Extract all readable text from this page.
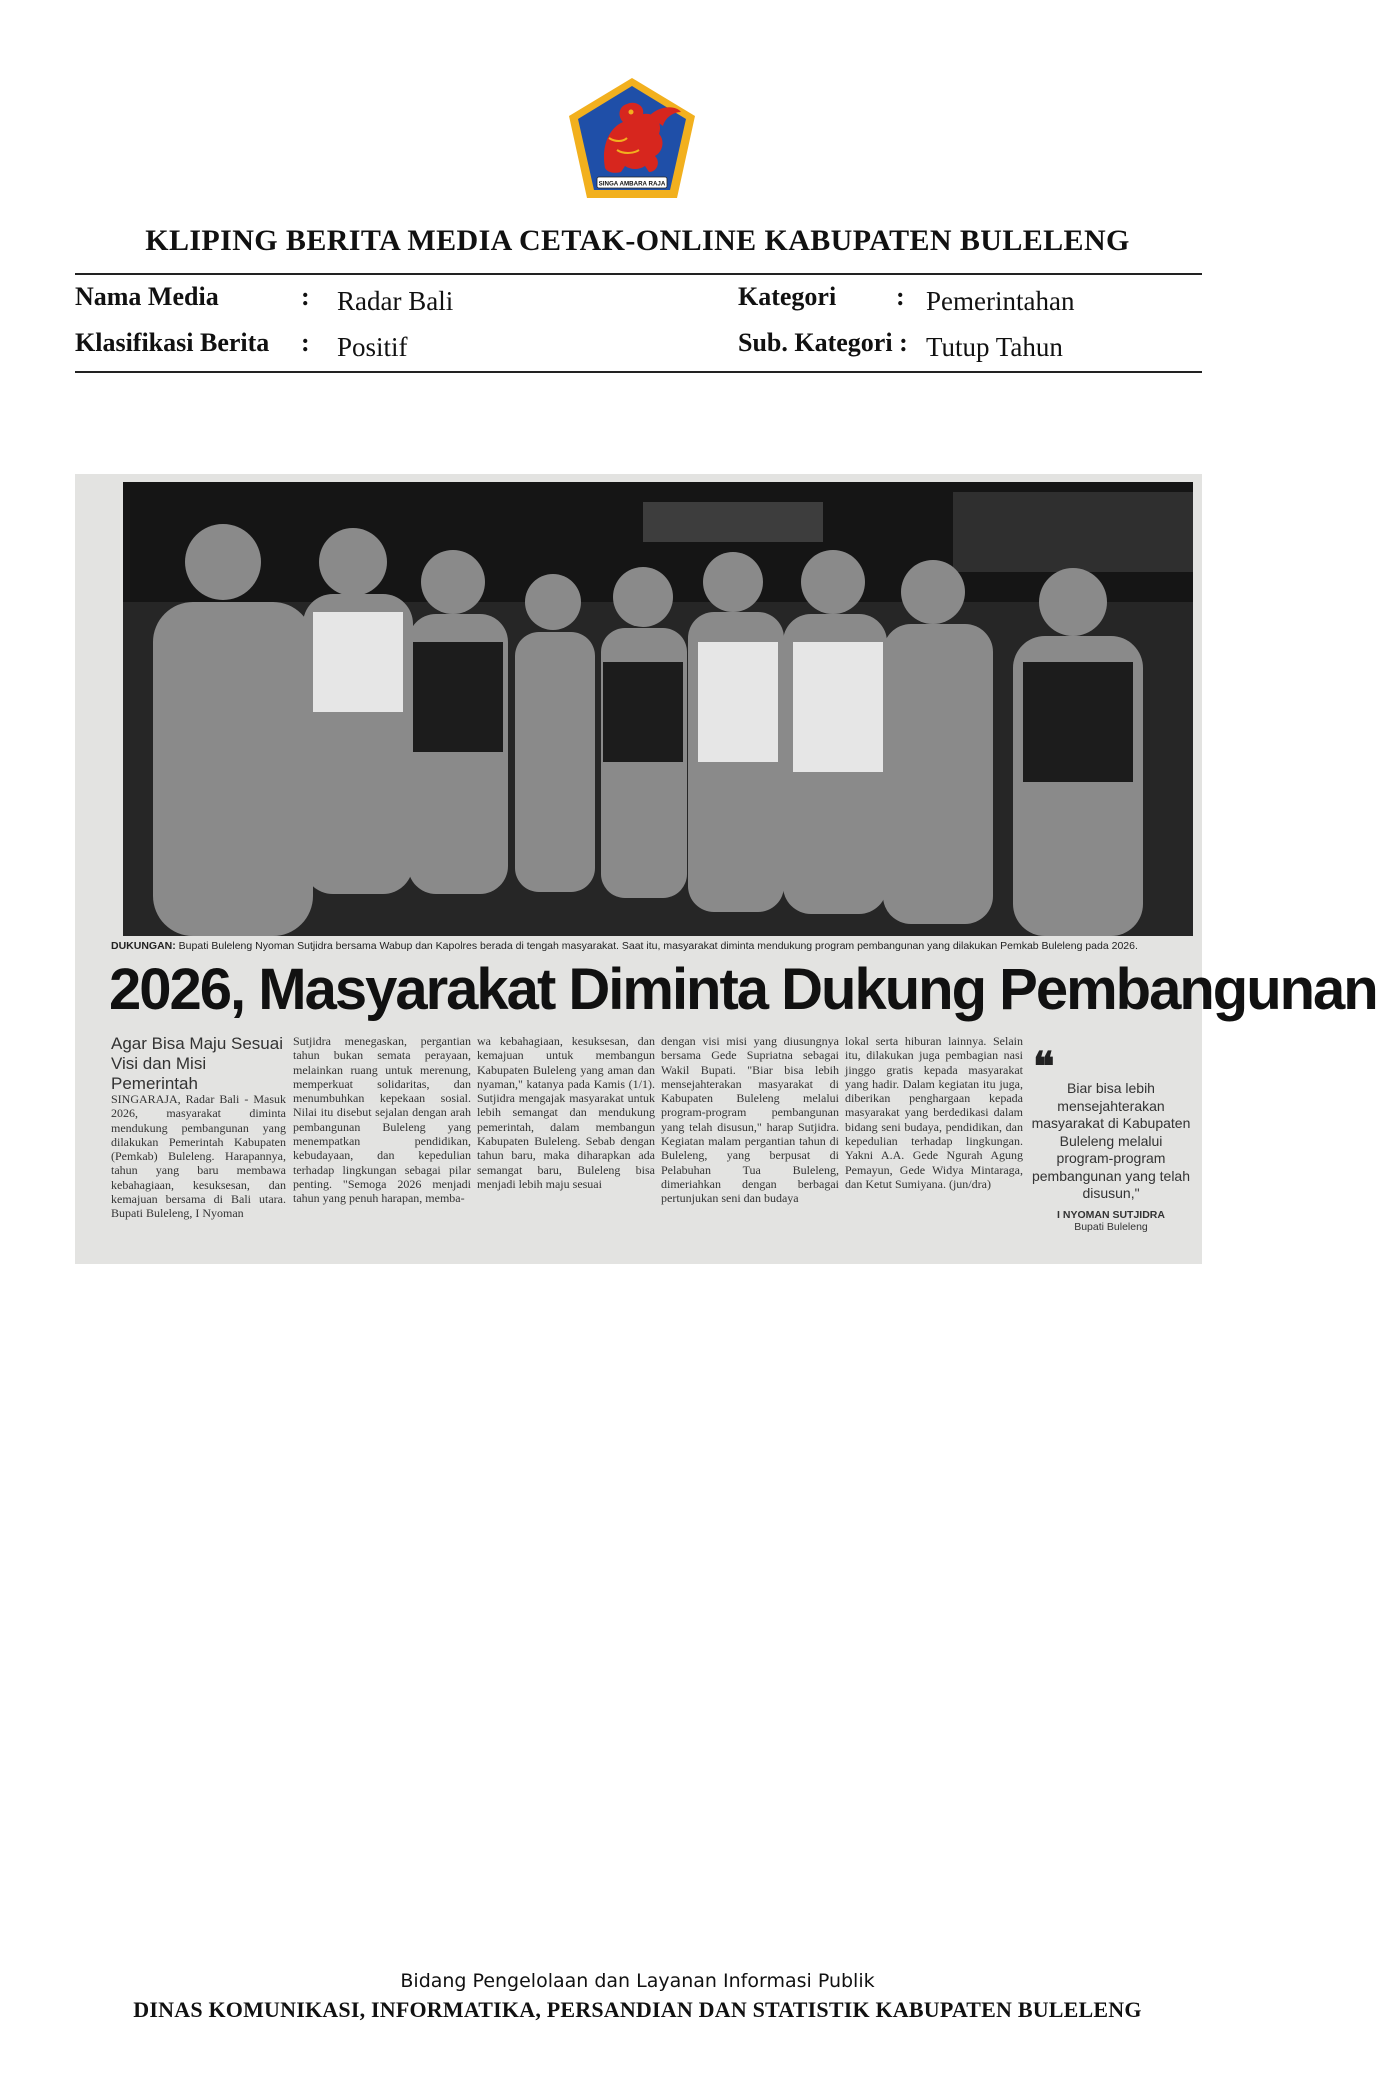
SINGA AMBARA RAJA
KLIPING BERITA MEDIA CETAK-ONLINE KABUPATEN BULELENG
Nama Media	: Radar Bali
Klasifikasi Berita : Positif
Kategori : Pemerintahan
Sub. Kategori : Tutup Tahun
DUKUNGAN: Bupati Buleleng Nyoman Sutjidra bersama Wabup dan Kapolres berada di tengah masyarakat. Saat itu, masyarakat diminta mendukung program pembangunan yang dilakukan Pemkab Buleleng pada 2026.
2026, Masyarakat Diminta Dukung Pembangunan
Agar Bisa Maju Sesuai Visi dan Misi Pemerintah
SINGARAJA, Radar Bali - Masuk 2026, masyarakat diminta mendukung pembangunan yang dilakukan Pemerintah Kabupaten (Pemkab) Buleleng. Harapannya, tahun yang baru membawa kebahagiaan, kesuksesan, dan kemajuan bersama di Bali utara. Bupati Buleleng, I Nyoman
Sutjidra menegaskan, pergantian tahun bukan semata perayaan, melainkan ruang untuk merenung, memperkuat solidaritas, dan menumbuhkan kepekaan sosial. Nilai itu disebut sejalan dengan arah pembangunan Buleleng yang menempatkan pendidikan, kebudayaan, dan kepedulian terhadap lingkungan sebagai pilar penting. "Semoga 2026 menjadi tahun yang penuh harapan, memba-
wa kebahagiaan, kesuksesan, dan kemajuan untuk membangun Kabupaten Buleleng yang aman dan nyaman," katanya pada Kamis (1/1). Sutjidra mengajak masyarakat untuk lebih semangat dan mendukung pemerintah, dalam membangun Kabupaten Buleleng. Sebab dengan tahun baru, maka diharapkan ada semangat baru, Buleleng bisa menjadi lebih maju sesuai
dengan visi misi yang diusungnya bersama Gede Supriatna sebagai Wakil Bupati. "Biar bisa lebih mensejahterakan masyarakat di Kabupaten Buleleng melalui program-program pembangunan yang telah disusun," harap Sutjidra. Kegiatan malam pergantian tahun di Buleleng, yang berpusat di Pelabuhan Tua Buleleng, dimeriahkan dengan berbagai pertunjukan seni dan budaya
lokal serta hiburan lainnya. Selain itu, dilakukan juga pembagian nasi jinggo gratis kepada masyarakat yang hadir. Dalam kegiatan itu juga, diberikan penghargaan kepada masyarakat yang berdedikasi dalam bidang seni budaya, pendidikan, dan kepedulian terhadap lingkungan. Yakni A.A. Gede Ngurah Agung Pemayun, Gede Widya Mintaraga, dan Ketut Sumiyana. (jun/dra)
❝ Biar bisa lebih mensejahterakan masyarakat di Kabupaten Buleleng melalui program-program pembangunan yang telah disusun,"
I NYOMAN SUTJIDRA
Bupati Buleleng
Bidang Pengelolaan dan Layanan Informasi Publik
DINAS KOMUNIKASI, INFORMATIKA, PERSANDIAN DAN STATISTIK KABUPATEN BULELENG
